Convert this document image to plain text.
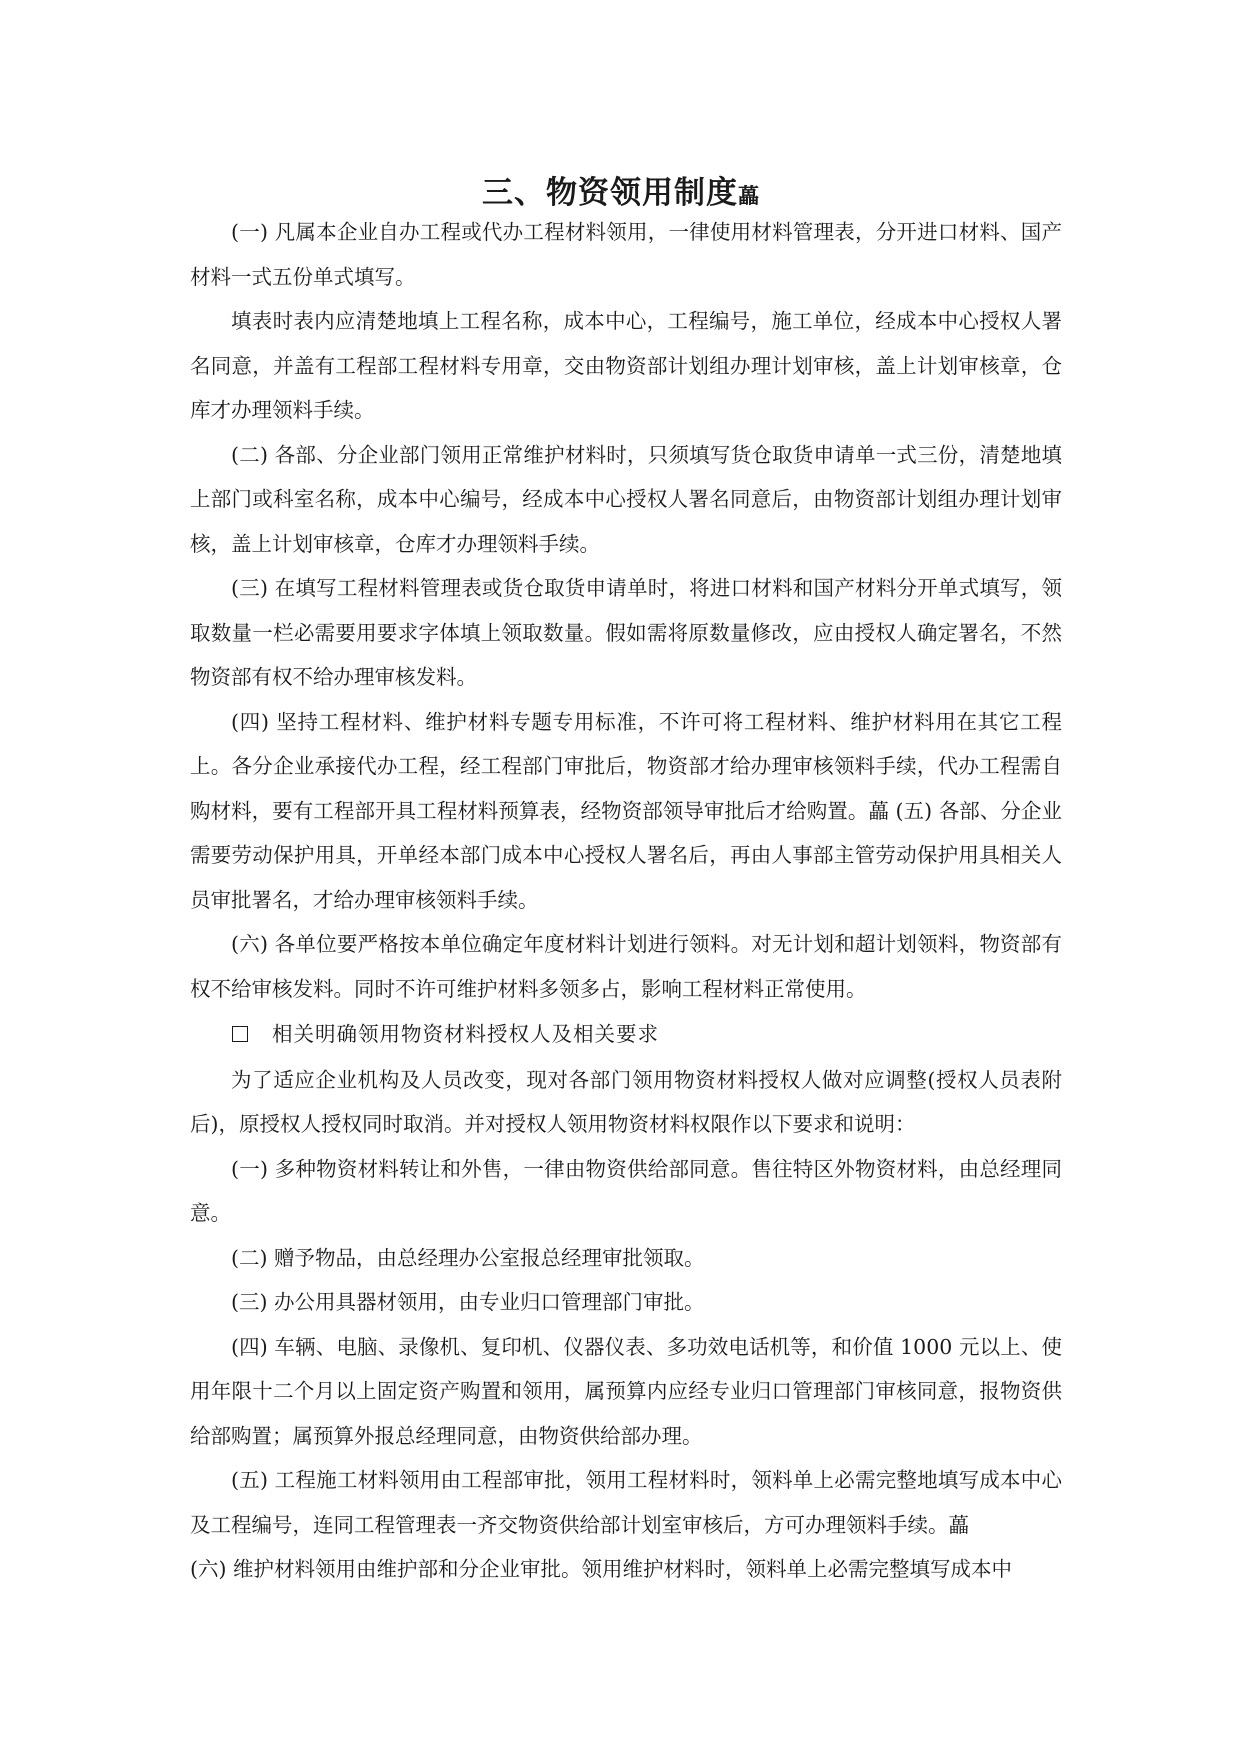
三、物资领用制度藟

(一) 凡属本企业自办工程或代办工程材料领用，一律使用材料管理表，分开进口材料、国产材料一式五份单式填写。

填表时表内应清楚地填上工程名称，成本中心，工程编号，施工单位，经成本中心授权人署名同意，并盖有工程部工程材料专用章，交由物资部计划组办理计划审核，盖上计划审核章，仓库才办理领料手续。

(二) 各部、分企业部门领用正常维护材料时，只须填写货仓取货申请单一式三份，清楚地填上部门或科室名称，成本中心编号，经成本中心授权人署名同意后，由物资部计划组办理计划审核，盖上计划审核章，仓库才办理领料手续。

(三) 在填写工程材料管理表或货仓取货申请单时，将进口材料和国产材料分开单式填写，领取数量一栏必需要用要求字体填上领取数量。假如需将原数量修改，应由授权人确定署名，不然物资部有权不给办理审核发料。

(四) 坚持工程材料、维护材料专题专用标准，不许可将工程材料、维护材料用在其它工程上。各分企业承接代办工程，经工程部门审批后，物资部才给办理审核领料手续，代办工程需自购材料，要有工程部开具工程材料预算表，经物资部领导审批后才给购置。藟 (五) 各部、分企业需要劳动保护用具，开单经本部门成本中心授权人署名后，再由人事部主管劳动保护用具相关人员审批署名，才给办理审核领料手续。

(六) 各单位要严格按本单位确定年度材料计划进行领料。对无计划和超计划领料，物资部有权不给审核发料。同时不许可维护材料多领多占，影响工程材料正常使用。

相关明确领用物资材料授权人及相关要求

为了适应企业机构及人员改变，现对各部门领用物资材料授权人做对应调整(授权人员表附后)，原授权人授权同时取消。并对授权人领用物资材料权限作以下要求和说明：

(一) 多种物资材料转让和外售，一律由物资供给部同意。售往特区外物资材料，由总经理同意。

(二) 赠予物品，由总经理办公室报总经理审批领取。

(三) 办公用具器材领用，由专业归口管理部门审批。

(四) 车辆、电脑、录像机、复印机、仪器仪表、多功效电话机等，和价值 1000 元以上、使用年限十二个月以上固定资产购置和领用，属预算内应经专业归口管理部门审核同意，报物资供给部购置；属预算外报总经理同意，由物资供给部办理。

(五) 工程施工材料领用由工程部审批，领用工程材料时，领料单上必需完整地填写成本中心及工程编号，连同工程管理表一齐交物资供给部计划室审核后，方可办理领料手续。藟

(六) 维护材料领用由维护部和分企业审批。领用维护材料时，领料单上必需完整填写成本中
